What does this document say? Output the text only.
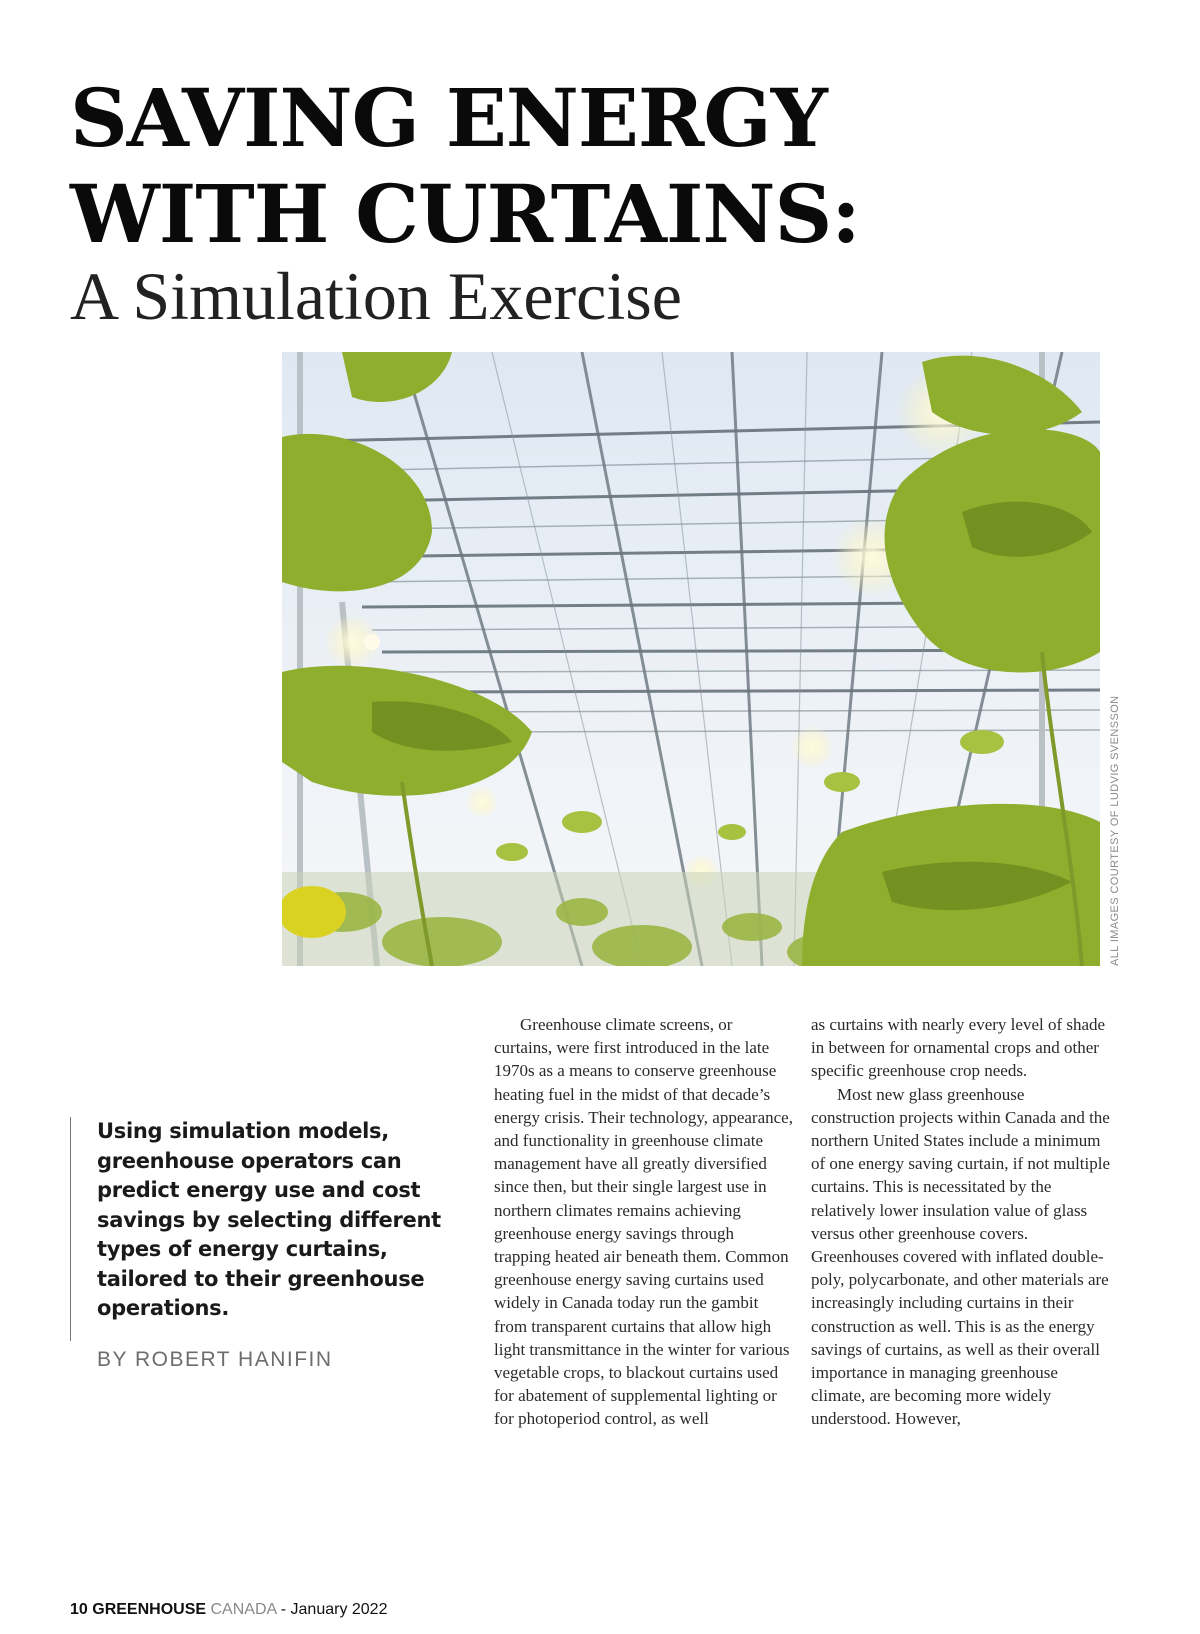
SAVING ENERGY
WITH CURTAINS:
A Simulation Exercise
ALL IMAGES COURTESY OF LUDVIG SVENSSON

Using simulation models, greenhouse operators can predict energy use and cost savings by selecting different types of energy curtains, tailored to their greenhouse operations.

BY ROBERT HANIFIN

Greenhouse climate screens, or curtains, were first introduced in the late 1970s as a means to conserve greenhouse heating fuel in the midst of that decade’s energy crisis. Their technology, appearance, and functionality in greenhouse climate management have all greatly diversified since then, but their single largest use in northern climates remains achieving greenhouse energy savings through trapping heated air beneath them. Common greenhouse energy saving curtains used widely in Canada today run the gambit from transparent curtains that allow high light transmittance in the winter for various vegetable crops, to blackout curtains used for abatement of supplemental lighting or for photoperiod control, as well

as curtains with nearly every level of shade in between for ornamental crops and other specific greenhouse crop needs.

Most new glass greenhouse construction projects within Canada and the northern United States include a minimum of one energy saving curtain, if not multiple curtains. This is necessitated by the relatively lower insulation value of glass versus other greenhouse covers. Greenhouses covered with inflated double-poly, polycarbonate, and other materials are increasingly including curtains in their construction as well. This is as the energy savings of curtains, as well as their overall importance in managing greenhouse climate, are becoming more widely understood. However,

10 GREENHOUSE CANADA - January 2022
